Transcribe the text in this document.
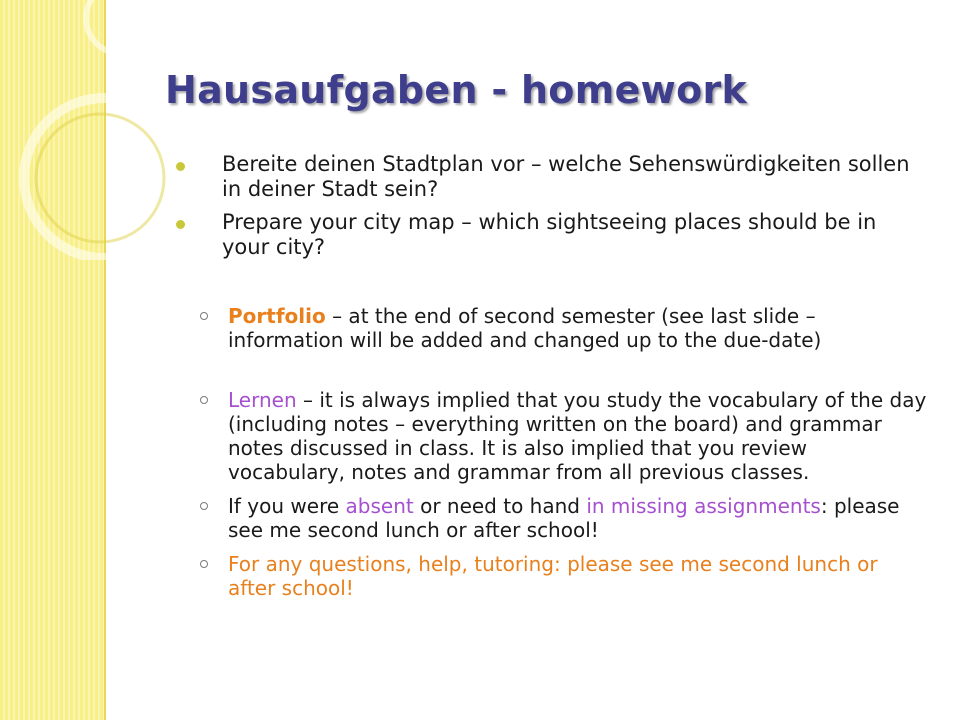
Hausaufgaben - homework
Bereite deinen Stadtplan vor – welche Sehenswürdigkeiten sollen in deiner Stadt sein?
Prepare your city map – which sightseeing places should be in your city?
Portfolio – at the end of second semester (see last slide – information will be added and changed up to the due-date)
Lernen – it is always implied that you study the vocabulary of the day (including notes – everything written on the board) and grammar notes discussed in class. It is also implied that you review vocabulary, notes and grammar from all previous classes.
If you were absent or need to hand in missing assignments: please see me second lunch or after school!
For any questions, help, tutoring: please see me second lunch or after school!
